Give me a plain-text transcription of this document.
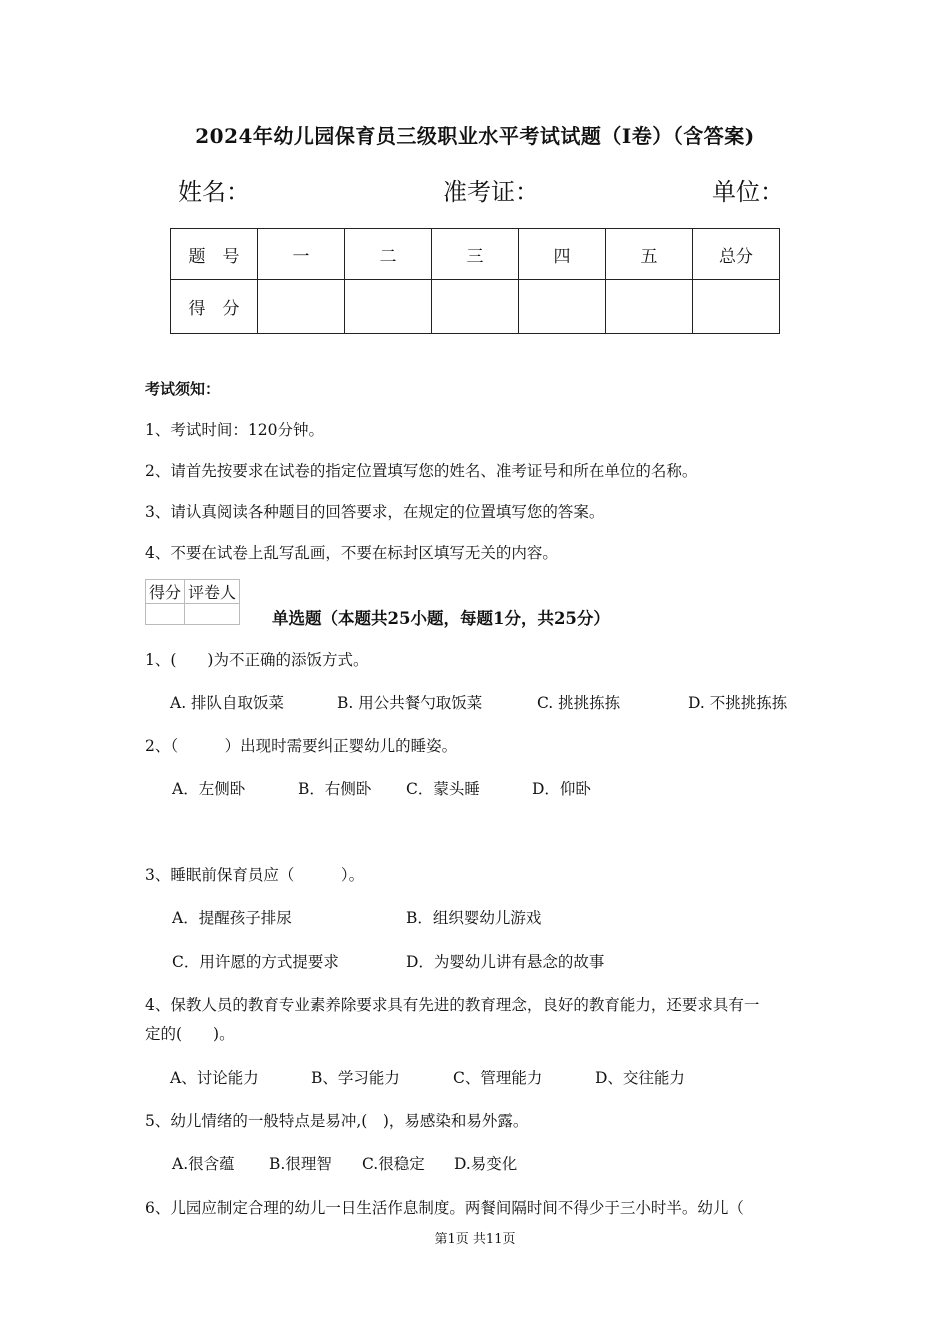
2024年幼儿园保育员三级职业水平考试试题（I卷）（含答案)
姓名：	准考证：	单位：
题　号	一	二	三	四	五	总分
得　分						
考试须知：
1、考试时间：120分钟。
2、请首先按要求在试卷的指定位置填写您的姓名、准考证号和所在单位的名称。
3、请认真阅读各种题目的回答要求，在规定的位置填写您的答案。
4、不要在试卷上乱写乱画，不要在标封区填写无关的内容。
得分	评卷人

单选题（本题共25小题，每题1分，共25分）
1、(　　)为不正确的添饭方式。
A. 排队自取饭菜	B. 用公共餐勺取饭菜	C. 挑挑拣拣	D. 不挑挑拣拣
2、（　　　）出现时需要纠正婴幼儿的睡姿。
A．左侧卧	B．右侧卧 C．蒙头睡	D．仰卧
3、睡眠前保育员应（　　　）。
A．提醒孩子排尿	B．组织婴幼儿游戏
C．用许愿的方式提要求	D．为婴幼儿讲有悬念的故事
4、保教人员的教育专业素养除要求具有先进的教育理念，良好的教育能力，还要求具有一
定的(　　)。
A、讨论能力	B、学习能力	C、管理能力	D、交往能力
5、幼儿情绪的一般特点是易冲,(　)，易感染和易外露。
A.很含蕴 B.很理智 C.很稳定 D.易变化
6、儿园应制定合理的幼儿一日生活作息制度。两餐间隔时间不得少于三小时半。幼儿（
第1页 共11页
